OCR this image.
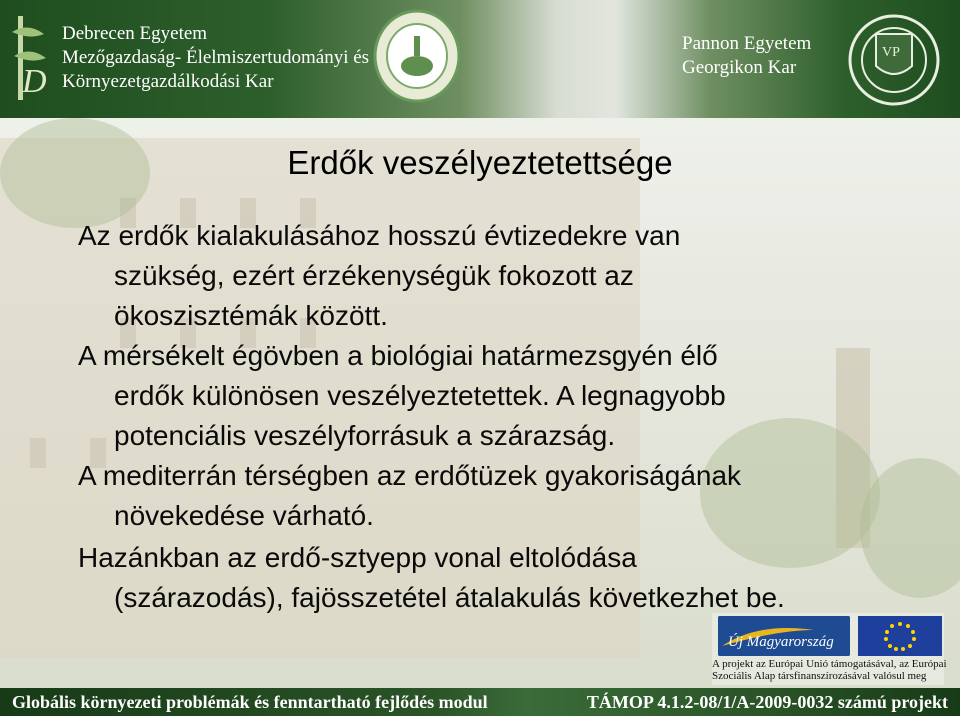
D
Debrecen Egyetem
Mezőgazdaság- Élelmiszertudományi és
Környezetgazdálkodási Kar
Pannon Egyetem
Georgikon Kar
VP
Erdők veszélyeztetettsége
Az erdők kialakulásához hosszú évtizedekre van
szükség, ezért érzékenységük fokozott az
ökoszisztémák között.
A mérsékelt égövben a biológiai határmezsgyén élő
erdők különösen veszélyeztetettek. A legnagyobb
potenciális veszélyforrásuk a szárazság.
A mediterrán térségben az erdőtüzek gyakoriságának
növekedése várható.
Hazánkban az erdő-sztyepp vonal eltolódása
(szárazodás), fajösszetétel átalakulás következhet be.
Új Magyarország
A projekt az Európai Unió támogatásával, az Európai
Szociális Alap társfinanszírozásával valósul meg
Globális környezeti problémák és fenntartható fejlődés modul	TÁMOP 4.1.2-08/1/A-2009-0032 számú projekt
